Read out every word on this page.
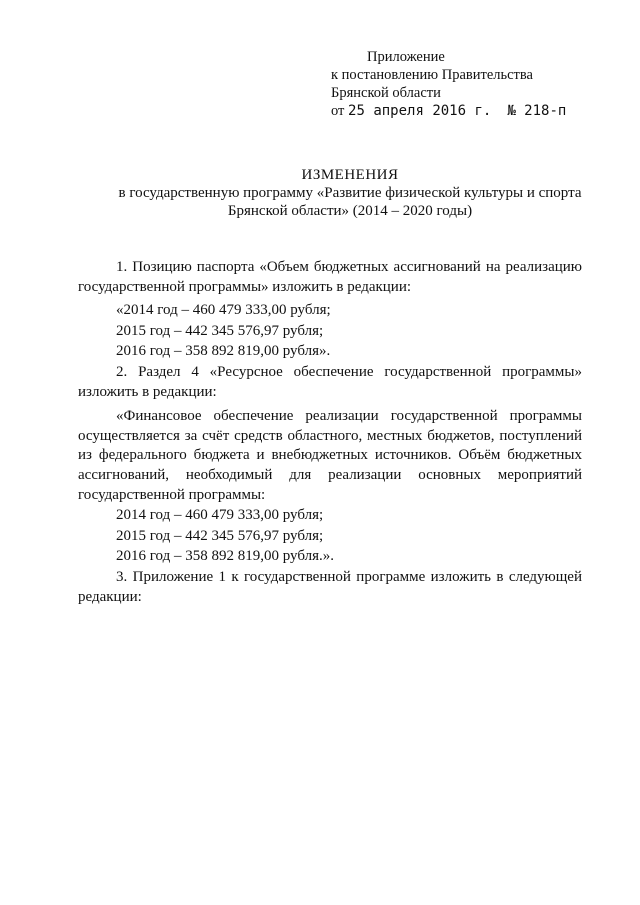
Приложение
к постановлению Правительства
Брянской области
от 25 апреля 2016 г. № 218-п
ИЗМЕНЕНИЯ
в государственную программу «Развитие физической культуры и спорта
Брянской области» (2014 – 2020 годы)

1. Позицию паспорта «Объем бюджетных ассигнований на реализацию государственной программы» изложить в редакции:

«2014 год – 460 479 333,00 рубля;

2015 год – 442 345 576,97 рубля;

2016 год – 358 892 819,00 рубля».

2. Раздел 4 «Ресурсное обеспечение государственной программы» изложить в редакции:

«Финансовое обеспечение реализации государственной программы осуществляется за счёт средств областного, местных бюджетов, поступлений из федерального бюджета и внебюджетных источников. Объём бюджетных ассигнований, необходимый для реализации основных мероприятий государственной программы:

2014 год – 460 479 333,00 рубля;

2015 год – 442 345 576,97 рубля;

2016 год – 358 892 819,00 рубля.».

3. Приложение 1 к государственной программе изложить в следующей редакции:
